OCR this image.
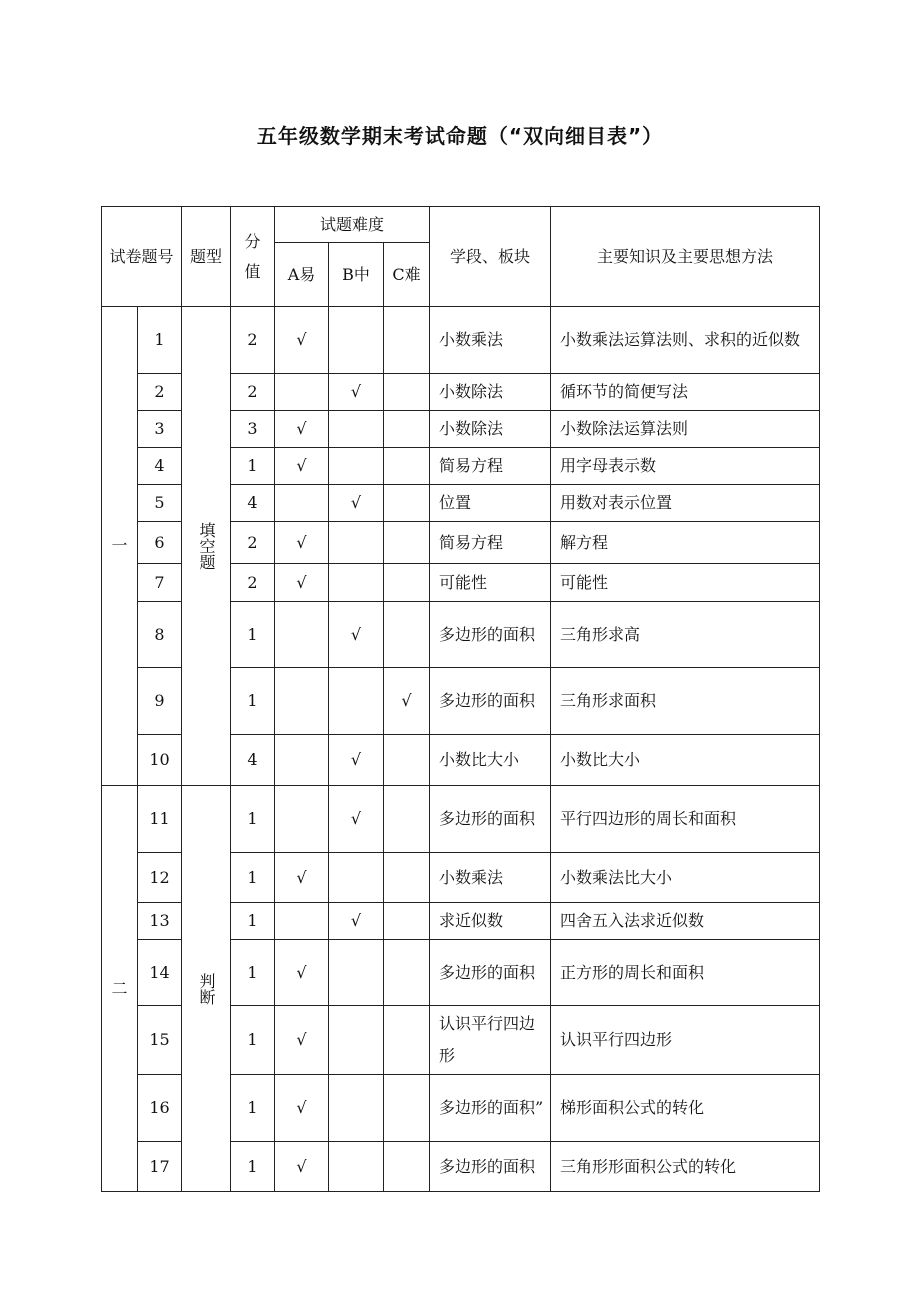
五年级数学期末考试命题（“双向细目表”）
试卷题号		题型	分值	试题难度			学段、板块	主要知识及主要思想方法
				A易	B中	C难		
一	1	填空题	2	√			小数乘法	小数乘法运算法则、求积的近似数
	2		2		√		小数除法	循环节的简便写法
	3		3	√			小数除法	小数除法运算法则
	4		1	√			简易方程	用字母表示数
	5		4		√		位置	用数对表示位置
	6		2	√			简易方程	解方程
	7		2	√			可能性	可能性
	8		1		√		多边形的面积	三角形求高
	9		1			√	多边形的面积	三角形求面积
	10		4		√		小数比大小	小数比大小
二	11	判断	1		√		多边形的面积	平行四边形的周长和面积
	12		1	√			小数乘法	小数乘法比大小
	13		1		√		求近似数	四舍五入法求近似数
	14		1	√			多边形的面积	正方形的周长和面积
	15		1	√			认识平行四边形	认识平行四边形
	16		1	√			多边形的面积”	梯形面积公式的转化
	17		1	√			多边形的面积	三角形形面积公式的转化
